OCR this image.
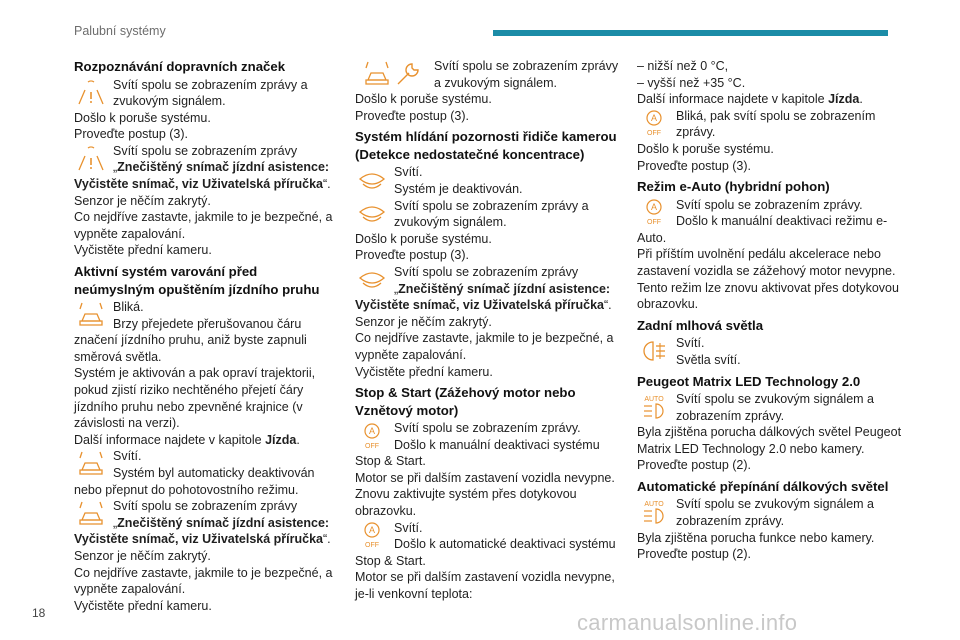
Palubní systémy
Rozpoznávání dopravních značek
Svítí spolu se zobrazením zprávy a zvukovým signálem.
Došlo k poruše systému.
Proveďte postup (3).
Svítí spolu se zobrazením zprávy „Znečištěný snímač jízdní asistence: Vyčistěte snímač, viz Uživatelská příručka“.
Senzor je něčím zakrytý.
Co nejdříve zastavte, jakmile to je bezpečné, a vypněte zapalování.
Vyčistěte přední kameru.
Aktivní systém varování před neúmyslným opuštěním jízdního pruhu
Bliká.
Brzy přejedete přerušovanou čáru značení jízdního pruhu, aniž byste zapnuli směrová světla.
Systém je aktivován a pak opraví trajektorii, pokud zjistí riziko nechtěného přejetí čáry jízdního pruhu nebo zpevněné krajnice (v závislosti na verzi).
Další informace najdete v kapitole Jízda.
Svítí.
Systém byl automaticky deaktivován nebo přepnut do pohotovostního režimu.
Svítí spolu se zobrazením zprávy „Znečištěný snímač jízdní asistence: Vyčistěte snímač, viz Uživatelská příručka“.
Senzor je něčím zakrytý.
Co nejdříve zastavte, jakmile to je bezpečné, a vypněte zapalování.
Vyčistěte přední kameru.
Svítí spolu se zobrazením zprávy a zvukovým signálem.
Došlo k poruše systému.
Proveďte postup (3).
Systém hlídání pozornosti řidiče kamerou (Detekce nedostatečné koncentrace)
Svítí.
Systém je deaktivován.
Svítí spolu se zobrazením zprávy a zvukovým signálem.
Došlo k poruše systému.
Proveďte postup (3).
Svítí spolu se zobrazením zprávy „Znečištěný snímač jízdní asistence: Vyčistěte snímač, viz Uživatelská příručka“.
Senzor je něčím zakrytý.
Co nejdříve zastavte, jakmile to je bezpečné, a vypněte zapalování.
Vyčistěte přední kameru.
Stop & Start (Zážehový motor nebo Vznětový motor)
A
OFF
Svítí spolu se zobrazením zprávy.
Došlo k manuální deaktivaci systému Stop & Start.
Motor se při dalším zastavení vozidla nevypne.
Znovu zaktivujte systém přes dotykovou obrazovku.
A
OFF
Svítí.
Došlo k automatické deaktivaci systému Stop & Start.
Motor se při dalším zastavení vozidla nevypne, je-li venkovní teplota:
– nižší než 0 °C,
– vyšší než +35 °C.
Další informace najdete v kapitole Jízda.
A
OFF
Bliká, pak svítí spolu se zobrazením zprávy.
Došlo k poruše systému.
Proveďte postup (3).
Režim e-Auto (hybridní pohon)
A
OFF
Svítí spolu se zobrazením zprávy.
Došlo k manuální deaktivaci režimu e-Auto.
Při příštím uvolnění pedálu akcelerace nebo zastavení vozidla se zážehový motor nevypne.
Tento režim lze znovu aktivovat přes dotykovou obrazovku.
Zadní mlhová světla
Svítí.
Světla svítí.
Peugeot Matrix LED Technology 2.0
AUTO Svítí spolu se zvukovým signálem a zobrazením zprávy.
Byla zjištěna porucha dálkových světel Peugeot Matrix LED Technology 2.0 nebo kamery.
Proveďte postup (2).
Automatické přepínání dálkových světel
AUTO Svítí spolu se zvukovým signálem a zobrazením zprávy.
Byla zjištěna porucha funkce nebo kamery.
Proveďte postup (2).
18	carmanualsonline.info
